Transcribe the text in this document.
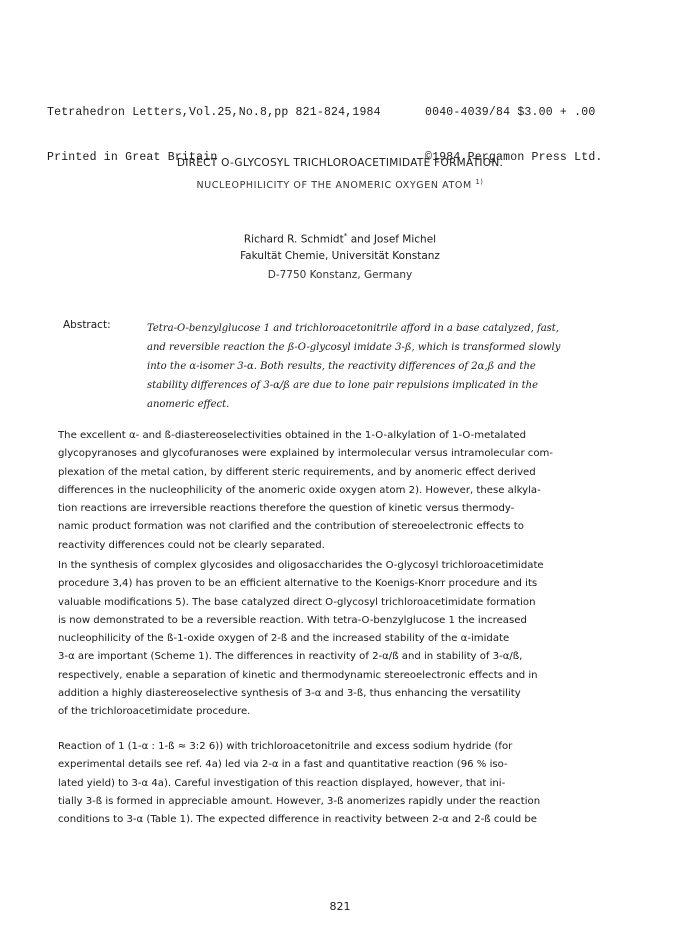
Tetrahedron Letters,Vol.25,No.8,pp 821-824,1984

Printed in Great Britain

0040-4039/84 $3.00 + .00

©1984 Pergamon Press Ltd.

DIRECT O-GLYCOSYL TRICHLOROACETIMIDATE FORMATION.
NUCLEOPHILICITY OF THE ANOMERIC OXYGEN ATOM $^{1)}$
Richard R. Schmidt* and Josef Michel
Fakultät Chemie, Universität Konstanz
D-7750 Konstanz, Germany
Abstract:	Tetra-O-benzylglucose 1 and trichloroacetonitrile afford in a base catalyzed, fast,
and reversible reaction the ß-O-glycosyl imidate 3-ß, which is transformed slowly
into the α-isomer 3-α. Both results, the reactivity differences of 2α,ß and the
stability differences of 3-α/ß are due to lone pair repulsions implicated in the
anomeric effect.
The excellent α- and ß-diastereoselectivities obtained in the 1-O-alkylation of 1-O-metalated
glycopyranoses and glycofuranoses were explained by intermolecular versus intramolecular com-
plexation of the metal cation, by different steric requirements, and by anomeric effect derived
differences in the nucleophilicity of the anomeric oxide oxygen atom 2). However, these alkyla-
tion reactions are irreversible reactions therefore the question of kinetic versus thermody-
namic product formation was not clarified and the contribution of stereoelectronic effects to
reactivity differences could not be clearly separated.
In the synthesis of complex glycosides and oligosaccharides the O-glycosyl trichloroacetimidate
procedure 3,4) has proven to be an efficient alternative to the Koenigs-Knorr procedure and its
valuable modifications 5). The base catalyzed direct O-glycosyl trichloroacetimidate formation
is now demonstrated to be a reversible reaction. With tetra-O-benzylglucose 1 the increased
nucleophilicity of the ß-1-oxide oxygen of 2-ß and the increased stability of the α-imidate
3-α are important (Scheme 1). The differences in reactivity of 2-α/ß and in stability of 3-α/ß,
respectively, enable a separation of kinetic and thermodynamic stereoelectronic effects and in
addition a highly diastereoselective synthesis of 3-α and 3-ß, thus enhancing the versatility
of the trichloroacetimidate procedure.
Reaction of 1 (1-α : 1-ß ≈ 3:2 6)) with trichloroacetonitrile and excess sodium hydride (for
experimental details see ref. 4a) led via 2-α in a fast and quantitative reaction (96 % iso-
lated yield) to 3-α 4a). Careful investigation of this reaction displayed, however, that ini-
tially 3-ß is formed in appreciable amount. However, 3-ß anomerizes rapidly under the reaction
conditions to 3-α (Table 1). The expected difference in reactivity between 2-α and 2-ß could be
821
